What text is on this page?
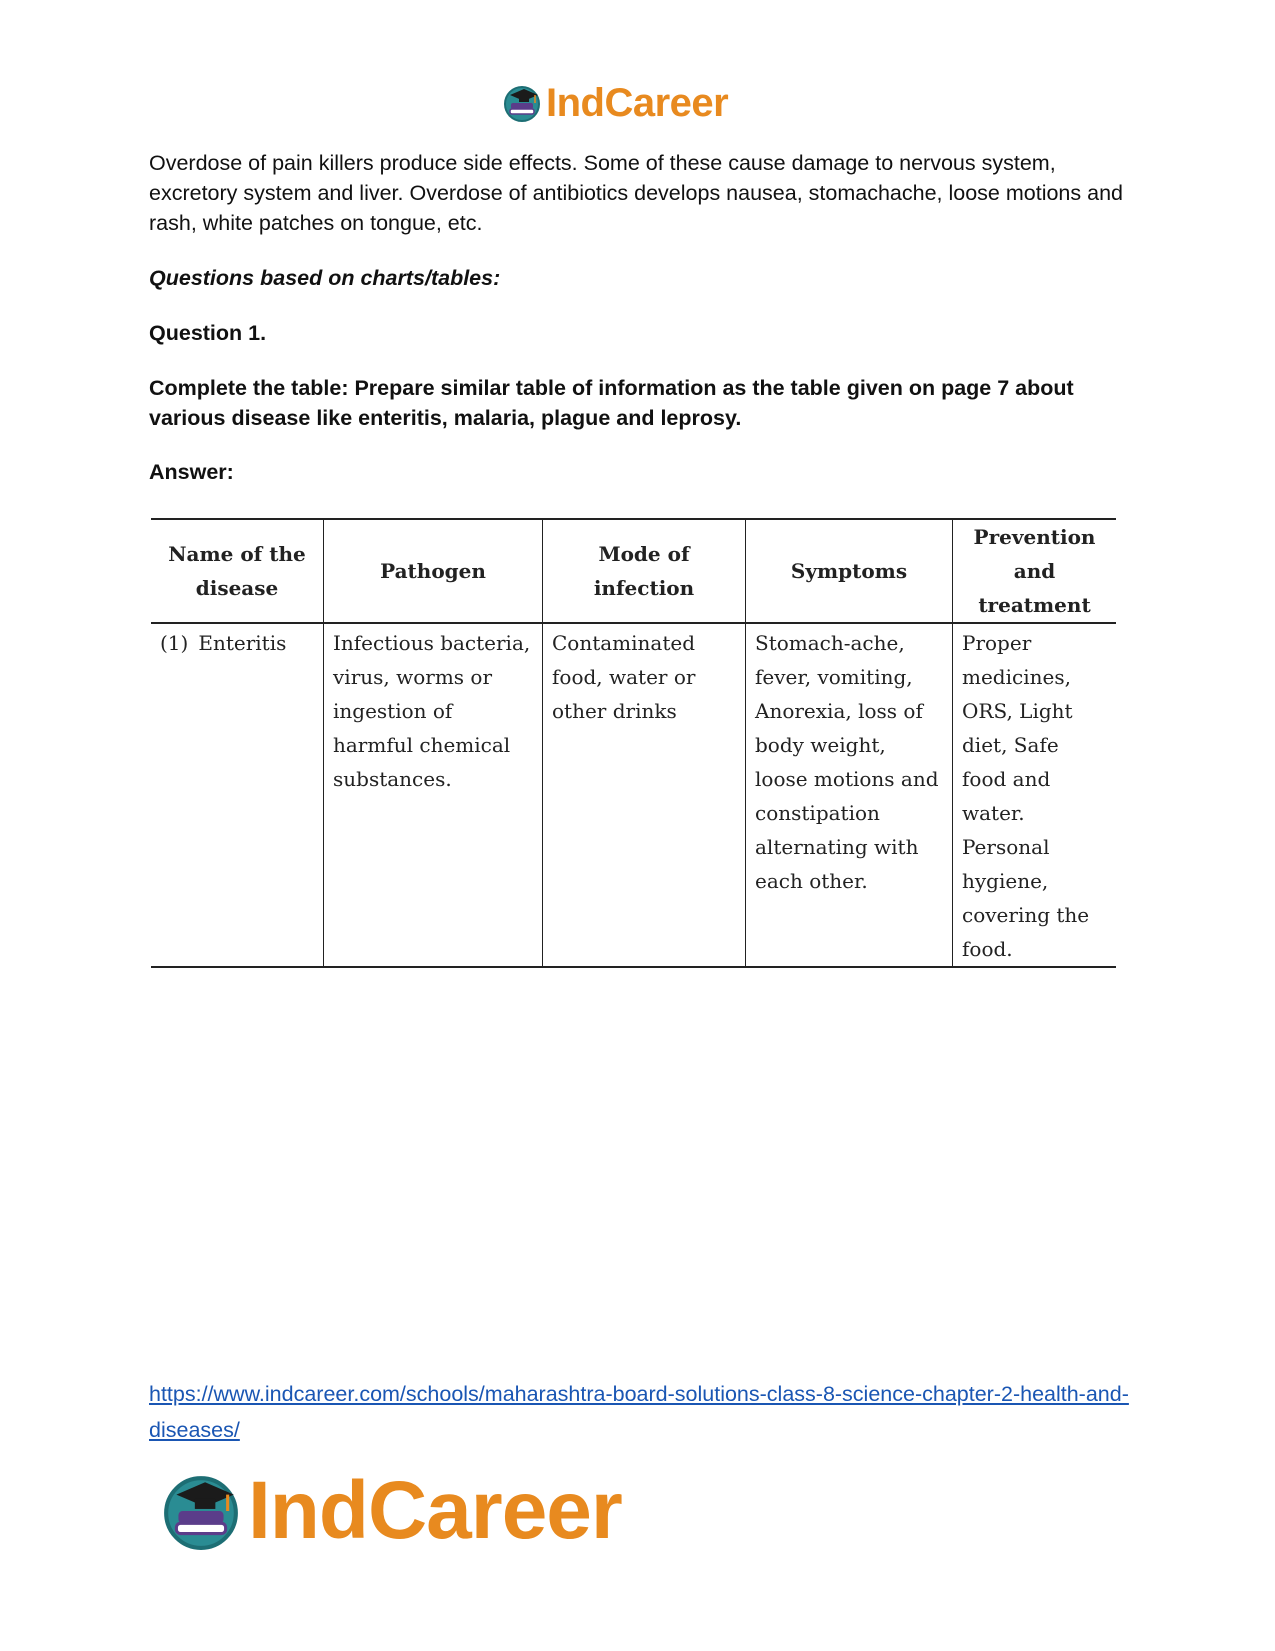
IndCareer

Overdose of pain killers produce side effects. Some of these cause damage to nervous system, excretory system and liver. Overdose of antibiotics develops nausea, stomachache, loose motions and rash, white patches on tongue, etc.

Questions based on charts/tables:

Question 1.

Complete the table: Prepare similar table of information as the table given on page 7 about various disease like enteritis, malaria, plague and leprosy.

Answer:

Name of the disease	Pathogen	Mode of infection	Symptoms	Prevention and treatment
(1) Enteritis	Infectious bacteria, virus, worms or ingestion of harmful chemical substances.	Contaminated food, water or other drinks	Stomach-ache, fever, vomiting, Anorexia, loss of body weight, loose motions and constipation alternating with each other.	Proper medicines, ORS, Light diet, Safe food and water. Personal hygiene, covering the food.
https://www.indcareer.com/schools/maharashtra-board-solutions-class-8-science-chapter-2-health-and-diseases/
IndCareer
